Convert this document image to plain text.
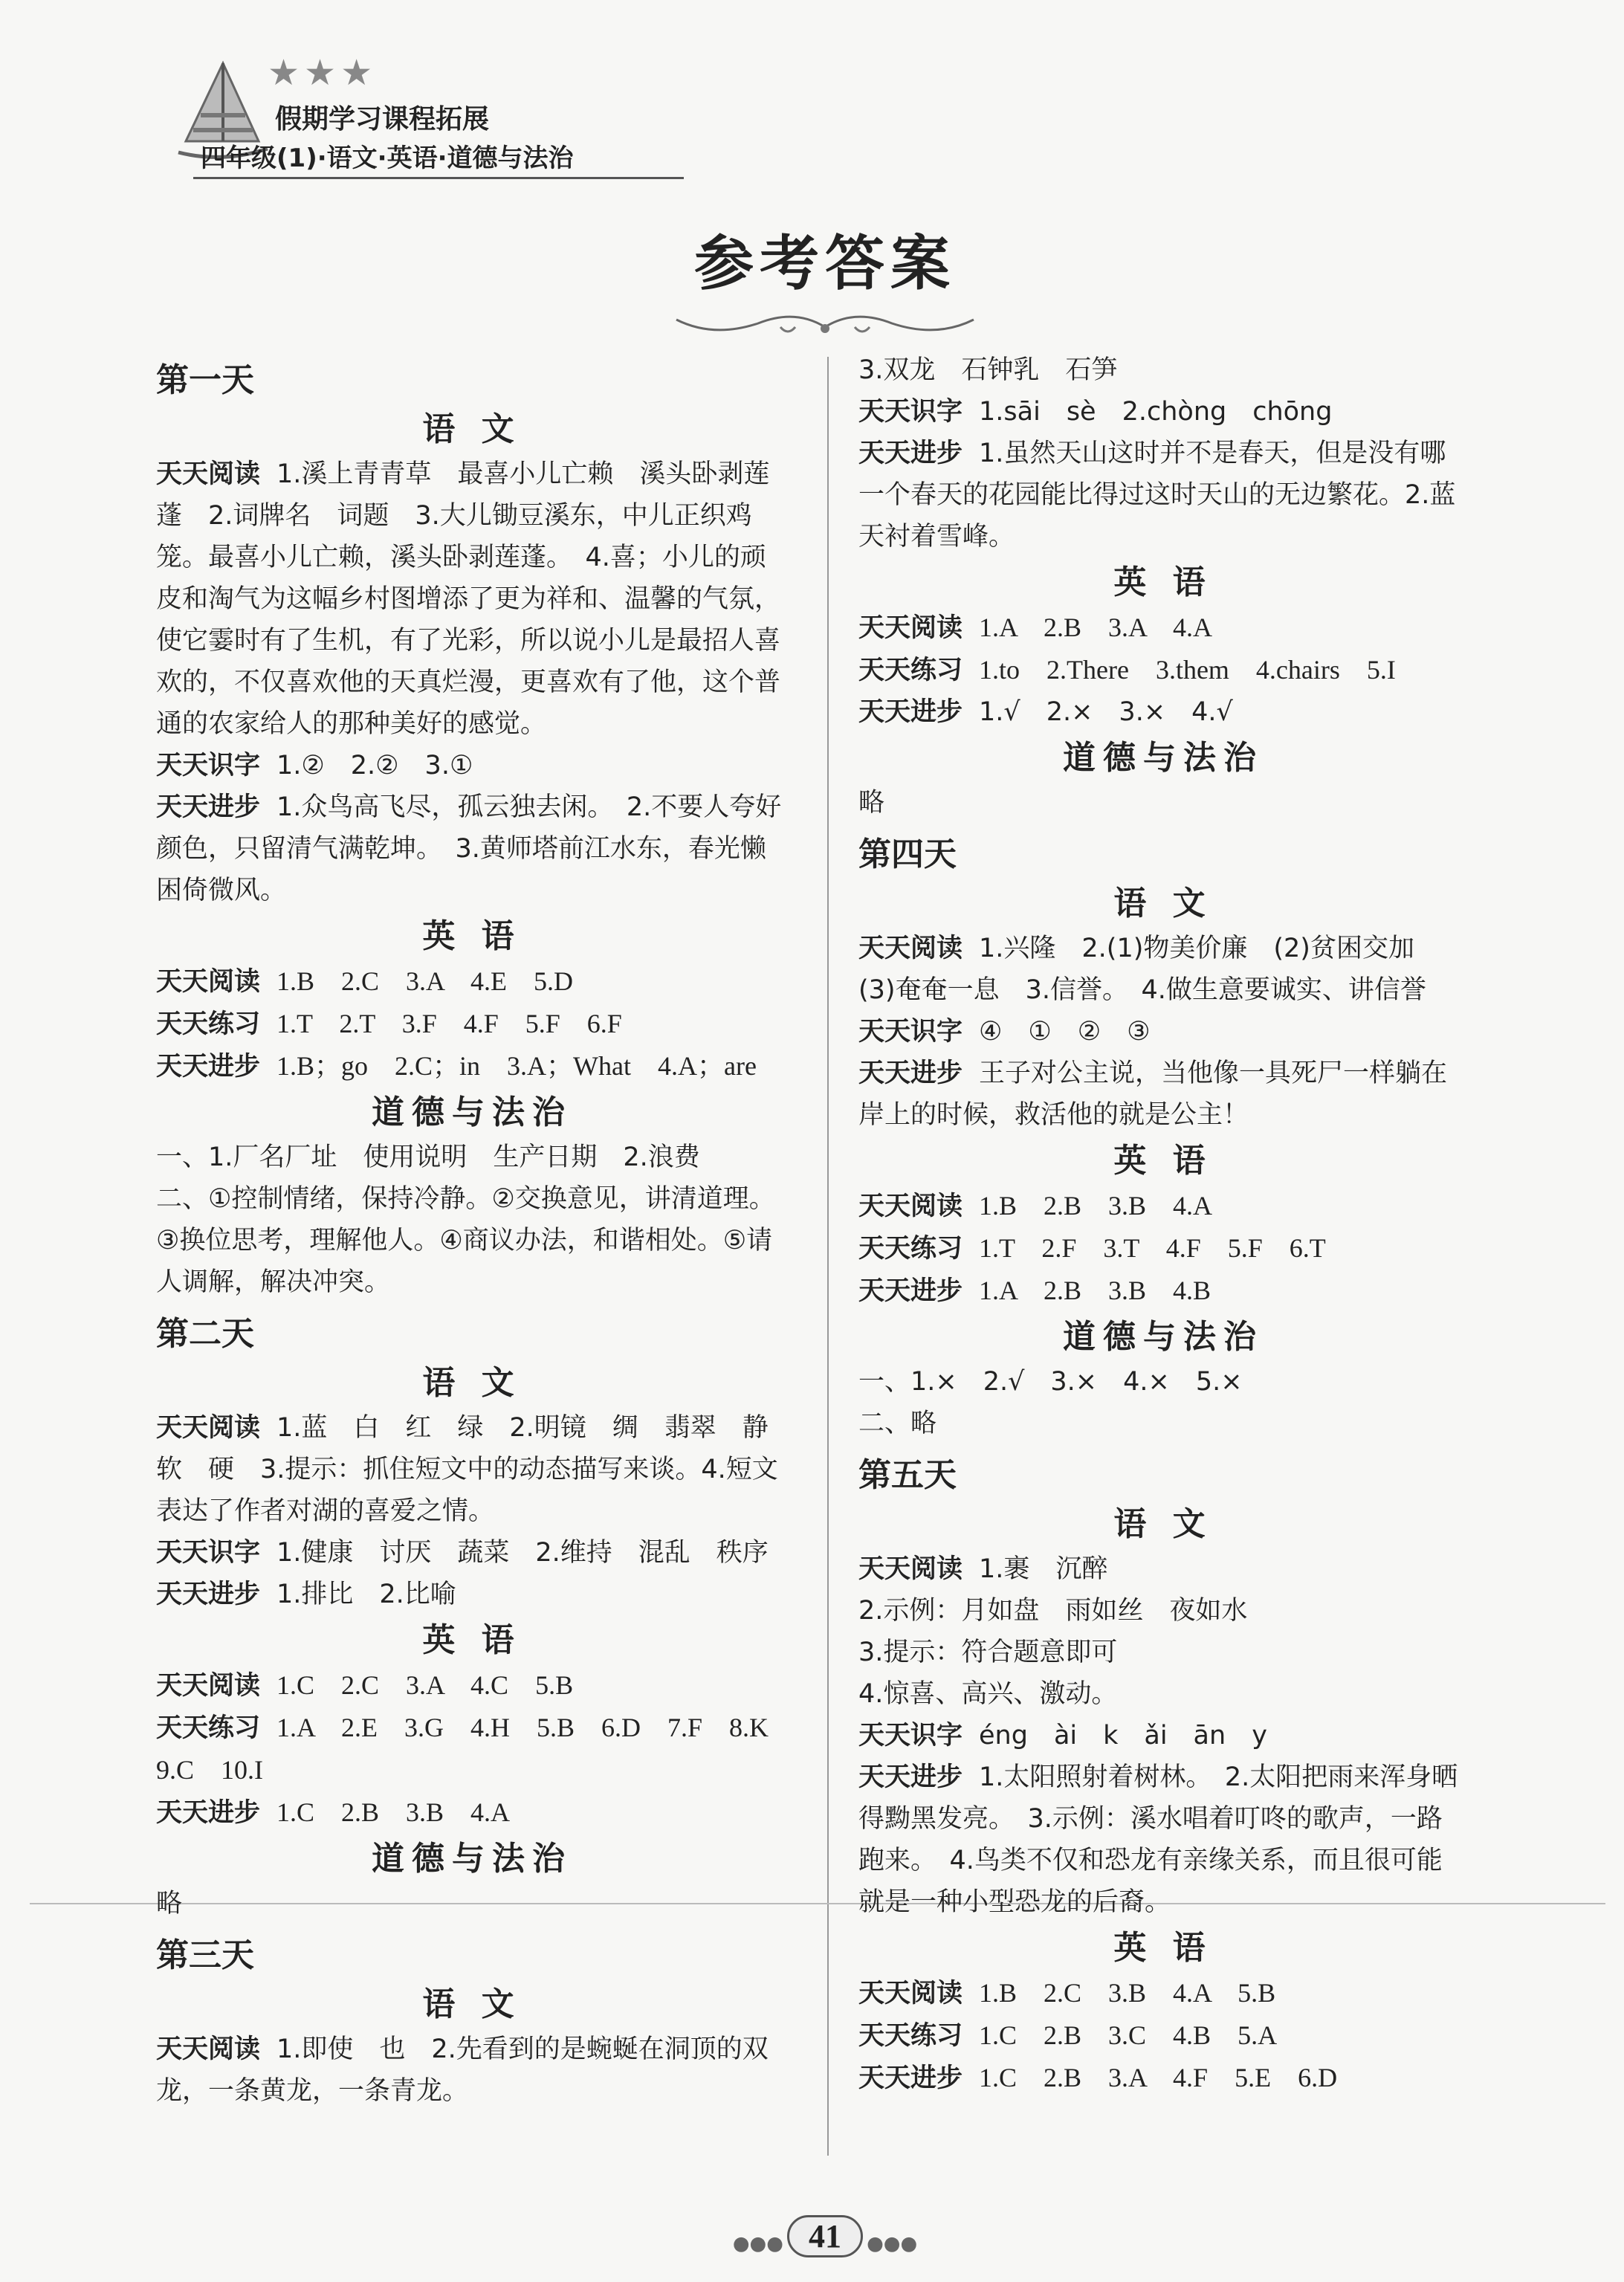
★★★
假期学习课程拓展
四年级(1)·语文·英语·道德与法治
参考答案
第一天
语 文
天天阅读 1.溪上青青草　最喜小儿亡赖　溪头卧剥莲蓬　2.词牌名　词题　3.大儿锄豆溪东，中儿正织鸡笼。最喜小儿亡赖，溪头卧剥莲蓬。　4.喜；小儿的顽皮和淘气为这幅乡村图增添了更为祥和、温馨的气氛，使它霎时有了生机，有了光彩，所以说小儿是最招人喜欢的，不仅喜欢他的天真烂漫，更喜欢有了他，这个普通的农家给人的那种美好的感觉。
天天识字 1.②　2.②　3.①
天天进步 1.众鸟高飞尽，孤云独去闲。　2.不要人夸好颜色，只留清气满乾坤。　3.黄师塔前江水东，春光懒困倚微风。
英 语
天天阅读 1.B　2.C　3.A　4.E　5.D
天天练习 1.T　2.T　3.F　4.F　5.F　6.F
天天进步 1.B；go　2.C；in　3.A；What　4.A；are
道德与法治
一、1.厂名厂址　使用说明　生产日期　2.浪费
二、①控制情绪，保持冷静。②交换意见，讲清道理。③换位思考，理解他人。④商议办法，和谐相处。⑤请人调解，解决冲突。
第二天
语 文
天天阅读 1.蓝　白　红　绿　2.明镜　绸　翡翠　静　软　硬　3.提示：抓住短文中的动态描写来谈。4.短文表达了作者对湖的喜爱之情。
天天识字 1.健康　讨厌　蔬菜　2.维持　混乱　秩序
天天进步 1.排比　2.比喻
英 语
天天阅读 1.C　2.C　3.A　4.C　5.B
天天练习 1.A　2.E　3.G　4.H　5.B　6.D　7.F　8.K　9.C　10.I
天天进步 1.C　2.B　3.B　4.A
道德与法治
略
第三天
语 文
天天阅读 1.即使　也　2.先看到的是蜿蜒在洞顶的双龙，一条黄龙，一条青龙。
3.双龙　石钟乳　石笋
天天识字 1.sāi　sè　2.chòng　chōng
天天进步 1.虽然天山这时并不是春天，但是没有哪一个春天的花园能比得过这时天山的无边繁花。2.蓝天衬着雪峰。
英 语
天天阅读 1.A　2.B　3.A　4.A
天天练习 1.to　2.There　3.them　4.chairs　5.I
天天进步 1.√　2.×　3.×　4.√
道德与法治
略
第四天
语 文
天天阅读 1.兴隆　2.(1)物美价廉　(2)贫困交加　(3)奄奄一息　3.信誉。　4.做生意要诚实、讲信誉
天天识字 ④　①　②　③
天天进步 王子对公主说，当他像一具死尸一样躺在岸上的时候，救活他的就是公主！
英 语
天天阅读 1.B　2.B　3.B　4.A
天天练习 1.T　2.F　3.T　4.F　5.F　6.T
天天进步 1.A　2.B　3.B　4.B
道德与法治
一、1.×　2.√　3.×　4.×　5.×
二、略
第五天
语 文
天天阅读 1.裹　沉醉
2.示例：月如盘　雨如丝　夜如水
3.提示：符合题意即可
4.惊喜、高兴、激动。
天天识字 éng　ài　k　ǎi　ān　y
天天进步 1.太阳照射着树林。　2.太阳把雨来浑身晒得黝黑发亮。　3.示例：溪水唱着叮咚的歌声，一路跑来。　4.鸟类不仅和恐龙有亲缘关系，而且很可能就是一种小型恐龙的后裔。
英 语
天天阅读 1.B　2.C　3.B　4.A　5.B
天天练习 1.C　2.B　3.C　4.B　5.A
天天进步 1.C　2.B　3.A　4.F　5.E　6.D
●●● 41 ●●●
